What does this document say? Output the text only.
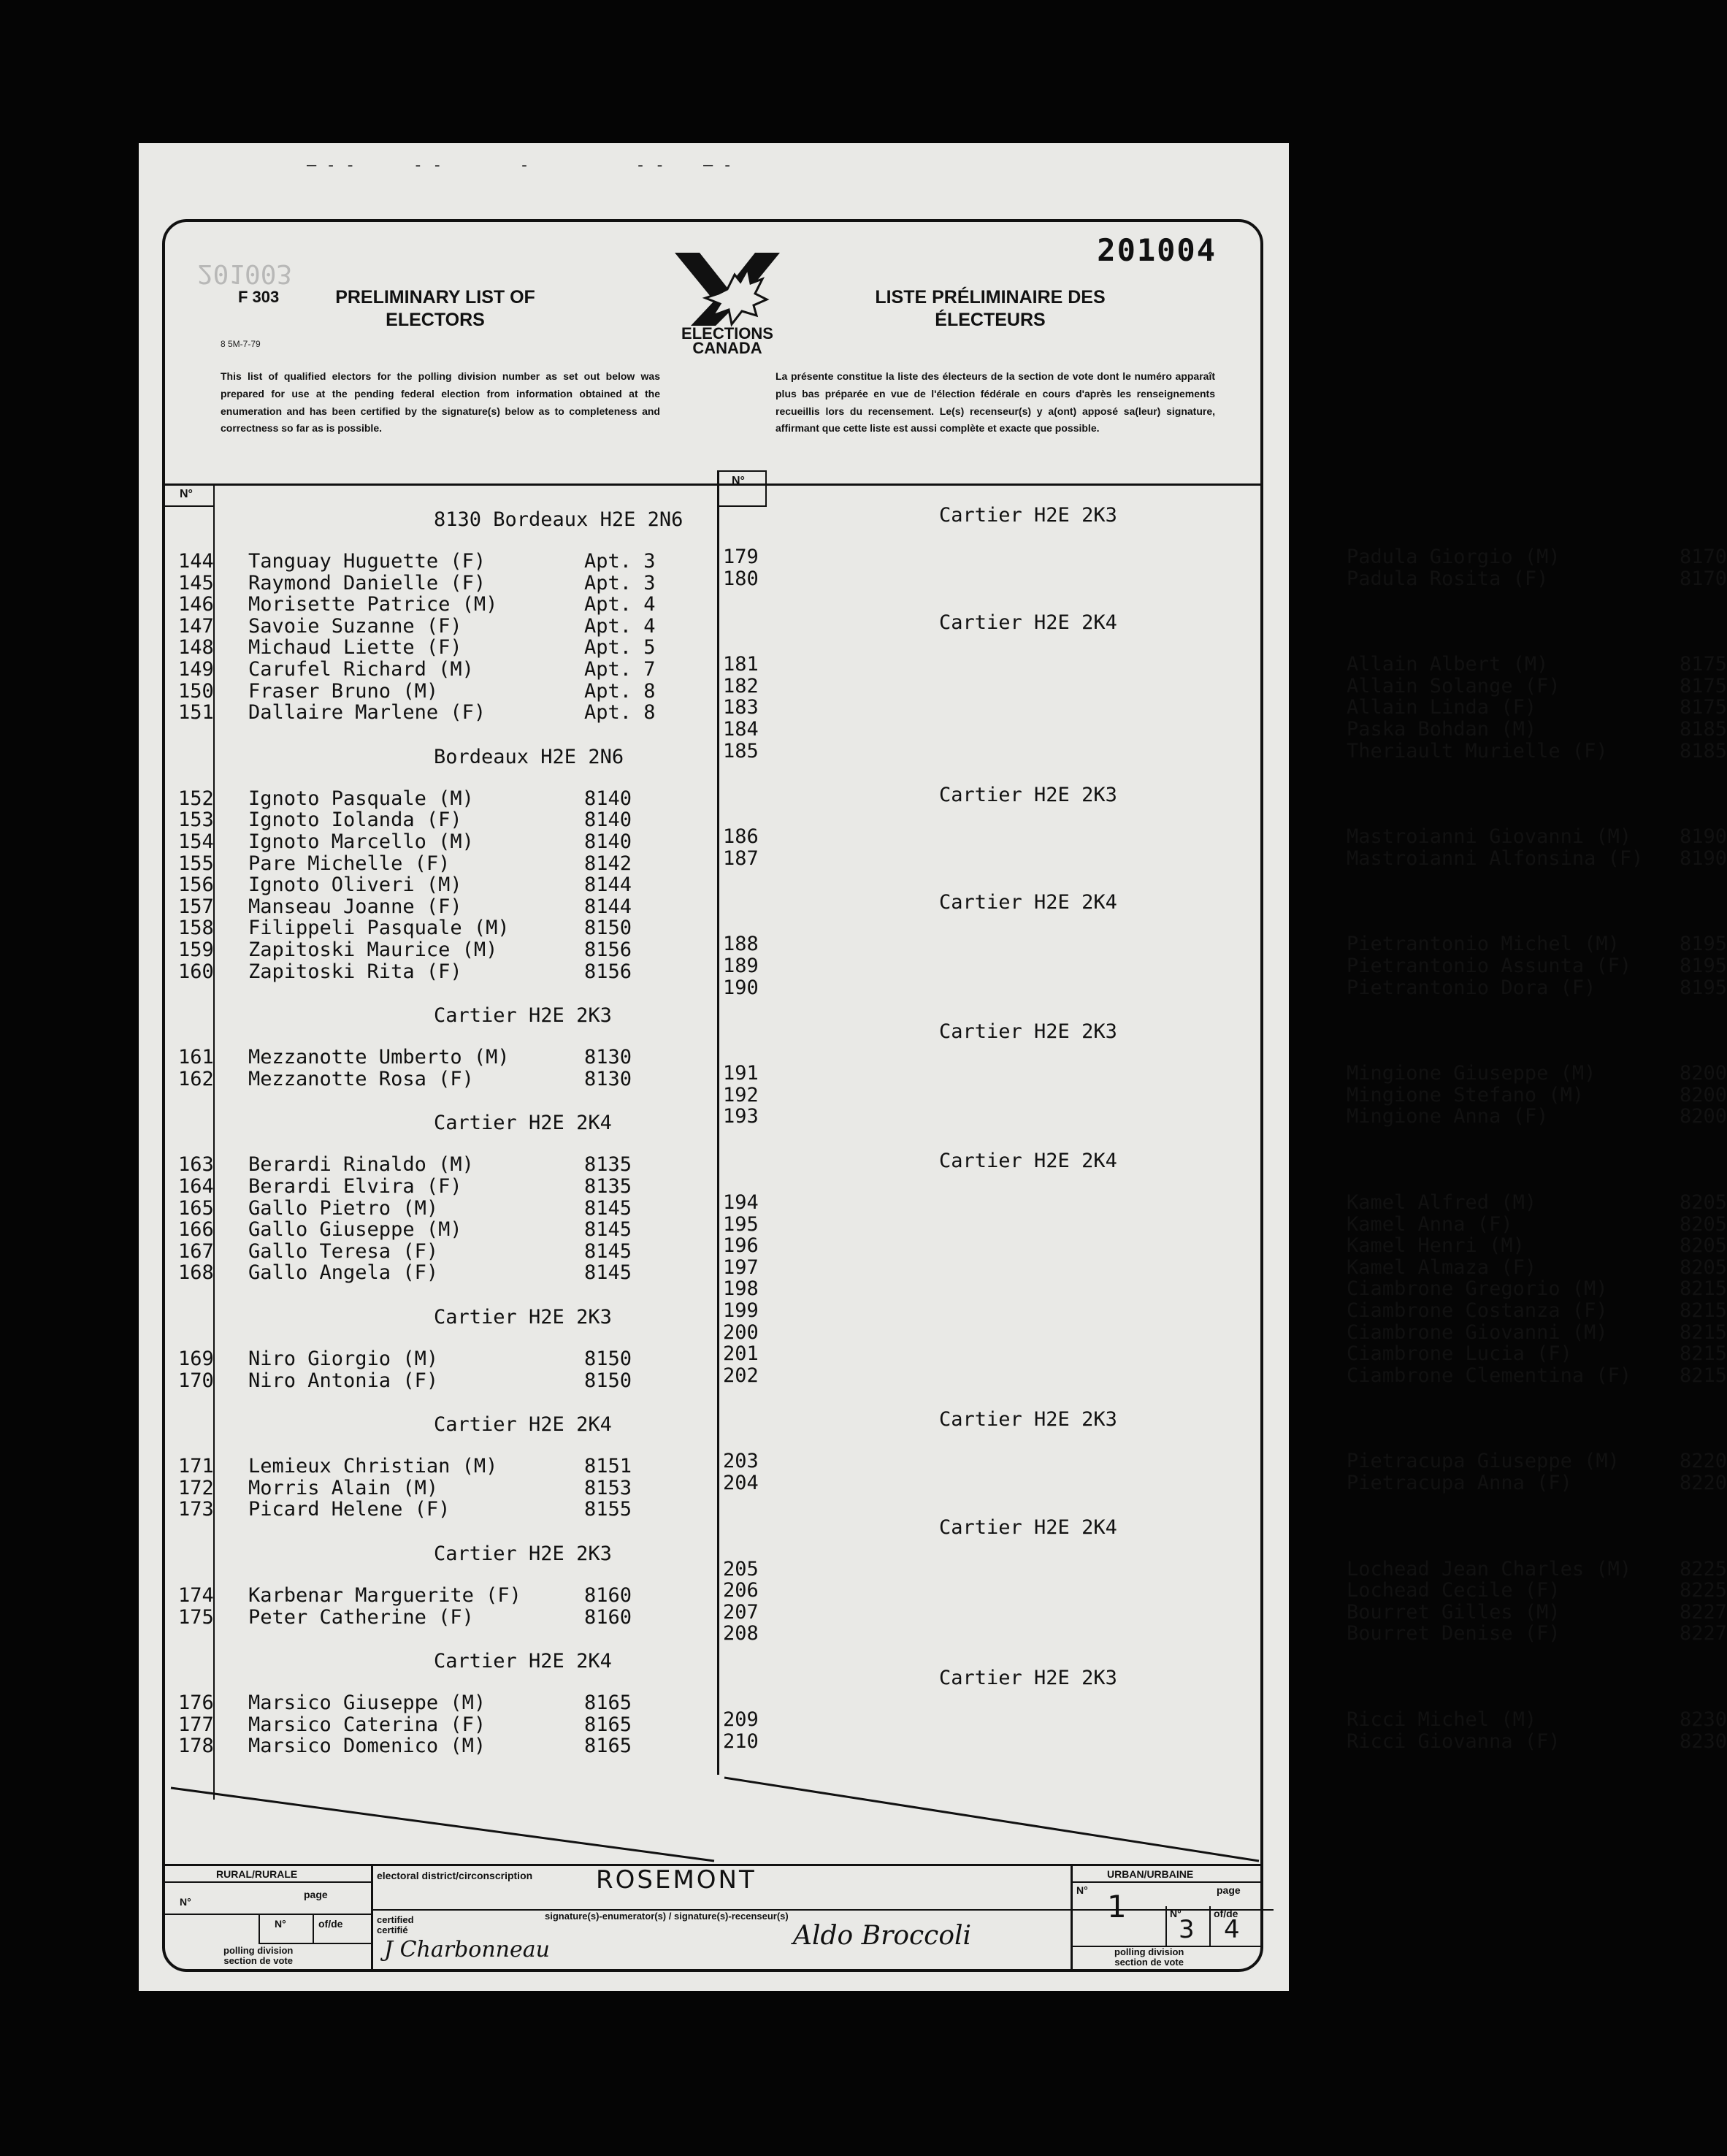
— - -      - -        -           - -    — -
201004
201003
F 303
8 5M-7-79
PRELIMINARY LIST OF ELECTORS
LISTE PRÉLIMINAIRE DES ÉLECTEURS
ELECTIONS
CANADA
This list of qualified electors for the polling division number as set out below was prepared for use at the pending federal election from information obtained at the enumeration and has been certified by the signature(s) below as to completeness and correctness so far as is possible.
La présente constitue la liste des électeurs de la section de vote dont le numéro apparaît plus bas préparée en vue de l'élection fédérale en cours d'après les renseignements recueillis lors du recensement. Le(s) recenseur(s) y a(ont) apposé sa(leur) signature, affirmant que cette liste est aussi complète et exacte que possible.
N°
N°
8130 Bordeaux H2E 2N6
144 Tanguay Huguette (F)	Apt. 3
145 Raymond Danielle (F)	Apt. 3
146 Morisette Patrice (M)	Apt. 4
147 Savoie Suzanne (F)	Apt. 4
148 Michaud Liette (F)	Apt. 5
149 Carufel Richard (M)	Apt. 7
150 Fraser Bruno (M)	Apt. 8
151 Dallaire Marlene (F)	Apt. 8
Bordeaux H2E 2N6
152 Ignoto Pasquale (M)	8140
153 Ignoto Iolanda (F)	8140
154 Ignoto Marcello (M)	8140
155 Pare Michelle (F)	8142
156 Ignoto Oliveri (M)	8144
157 Manseau Joanne (F)	8144
158 Filippeli Pasquale (M)	8150
159 Zapitoski Maurice (M)	8156
160 Zapitoski Rita (F)	8156
Cartier H2E 2K3
161 Mezzanotte Umberto (M)	8130
162 Mezzanotte Rosa (F)	8130
Cartier H2E 2K4
163 Berardi Rinaldo (M)	8135
164 Berardi Elvira (F)	8135
165 Gallo Pietro (M)	8145
166 Gallo Giuseppe (M)	8145
167 Gallo Teresa (F)	8145
168 Gallo Angela (F)	8145
Cartier H2E 2K3
169 Niro Giorgio (M)	8150
170 Niro Antonia (F)	8150
Cartier H2E 2K4
171 Lemieux Christian (M)	8151
172 Morris Alain (M)	8153
173 Picard Helene (F)	8155
Cartier H2E 2K3
174 Karbenar Marguerite (F)	8160
175 Peter Catherine (F)	8160
Cartier H2E 2K4
176 Marsico Giuseppe (M)	8165
177 Marsico Caterina (F)	8165
178 Marsico Domenico (M)	8165
Cartier H2E 2K3
179	Padula Giorgio (M)	8170
180	Padula Rosita (F)	8170
Cartier H2E 2K4
181	Allain Albert (M)	8175
182	Allain Solange (F)	8175
183	Allain Linda (F)	8175
184	Paska Bohdan (M)	8185
185	Theriault Murielle (F)	8185
Cartier H2E 2K3
186	Mastroianni Giovanni (M) 8190
187	Mastroianni Alfonsina (F) 8190
Cartier H2E 2K4
188	Pietrantonio Michel (M)	8195
189	Pietrantonio Assunta (F) 8195
190	Pietrantonio Dora (F)	8195
Cartier H2E 2K3
191	Mingione Giuseppe (M)	8200
192	Mingione Stefano (M)	8200
193	Mingione Anna (F)	8200
Cartier H2E 2K4
194	Kamel Alfred (M)	8205
195	Kamel Anna (F)	8205
196	Kamel Henri (M)	8205
197	Kamel Almaza (F)	8205
198	Ciambrone Gregorio (M)	8215
199	Ciambrone Costanza (F)	8215
200	Ciambrone Giovanni (M)	8215
201	Ciambrone Lucia (F)	8215
202	Ciambrone Clementina (F) 8215
Cartier H2E 2K3
203	Pietracupa Giuseppe (M)	8220
204	Pietracupa Anna (F)	8220
Cartier H2E 2K4
205	Lochead Jean Charles (M) 8225
206	Lochead Cecile (F)	8225
207	Bourret Gilles (M)	8227
208	Bourret Denise (F)	8227
Cartier H2E 2K3
209	Ricci Michel (M)	8230
210	Ricci Giovanna (F)	8230
RURAL/RURALE
N°
page
N°	of/de
polling division
section de vote
electoral district/circonscription	ROSEMONT
certified
certifié
signature(s)-enumerator(s) / signature(s)-recenseur(s)
J Charbonneau	Aldo Broccoli
URBAN/URBAINE
N°	page
N°	of/de
1
3 4
polling division
section de vote
